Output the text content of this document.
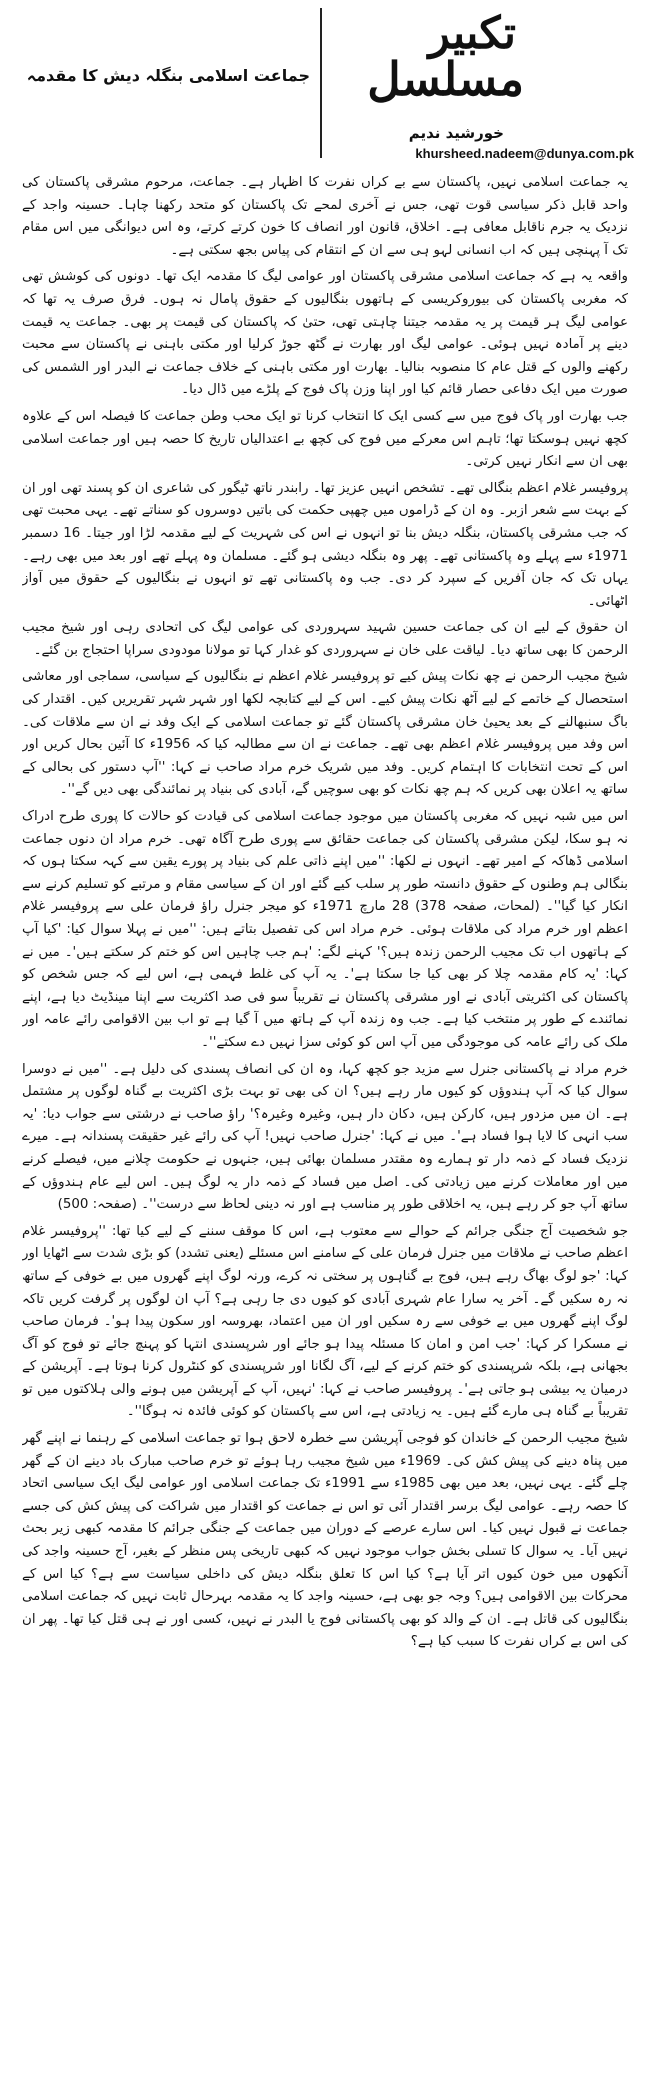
تکبیر
مسلسل
جماعت اسلامی بنگلہ دیش کا مقدمہ
خورشید ندیم
khursheed.nadeem@dunya.com.pk

یہ جماعت اسلامی نہیں، پاکستان سے بے کراں نفرت کا اظہار ہے۔ جماعت، مرحوم مشرقی پاکستان کی واحد قابل ذکر سیاسی قوت تھی، جس نے آخری لمحے تک پاکستان کو متحد رکھنا چاہا۔ حسینہ واجد کے نزدیک یہ جرم ناقابل معافی ہے۔ اخلاق، قانون اور انصاف کا خون کرتے کرتے، وہ اس دیوانگی میں اس مقام تک آ پہنچی ہیں کہ اب انسانی لہو ہی سے ان کے انتقام کی پیاس بجھ سکتی ہے۔

واقعہ یہ ہے کہ جماعت اسلامی مشرقی پاکستان اور عوامی لیگ کا مقدمہ ایک تھا۔ دونوں کی کوشش تھی کہ مغربی پاکستان کی بیوروکریسی کے ہاتھوں بنگالیوں کے حقوق پامال نہ ہوں۔ فرق صرف یہ تھا کہ عوامی لیگ ہر قیمت پر یہ مقدمہ جیتنا چاہتی تھی، حتیٰ کہ پاکستان کی قیمت پر بھی۔ جماعت یہ قیمت دینے پر آمادہ نہیں ہوئی۔ عوامی لیگ اور بھارت نے گٹھ جوڑ کرلیا اور مکتی باہنی نے پاکستان سے محبت رکھنے والوں کے قتل عام کا منصوبہ بنالیا۔ بھارت اور مکتی باہنی کے خلاف جماعت نے البدر اور الشمس کی صورت میں ایک دفاعی حصار قائم کیا اور اپنا وزن پاک فوج کے پلڑے میں ڈال دیا۔

جب بھارت اور پاک فوج میں سے کسی ایک کا انتخاب کرنا تو ایک محب وطن جماعت کا فیصلہ اس کے علاوہ کچھ نہیں ہوسکتا تھا؛ تاہم اس معرکے میں فوج کی کچھ بے اعتدالیاں تاریخ کا حصہ ہیں اور جماعت اسلامی بھی ان سے انکار نہیں کرتی۔

پروفیسر غلام اعظم بنگالی تھے۔ تشخص انہیں عزیز تھا۔ رابندر ناتھ ٹیگور کی شاعری ان کو پسند تھی اور ان کے بہت سے شعر ازبر۔ وہ ان کے ڈراموں میں چھپی حکمت کی باتیں دوسروں کو سناتے تھے۔ یہی محبت تھی کہ جب مشرقی پاکستان، بنگلہ دیش بنا تو انہوں نے اس کی شہریت کے لیے مقدمہ لڑا اور جیتا۔ 16 دسمبر 1971ء سے پہلے وہ پاکستانی تھے۔ پھر وہ بنگلہ دیشی ہو گئے۔ مسلمان وہ پہلے تھے اور بعد میں بھی رہے۔ یہاں تک کہ جان آفریں کے سپرد کر دی۔ جب وہ پاکستانی تھے تو انہوں نے بنگالیوں کے حقوق میں آواز اٹھائی۔

ان حقوق کے لیے ان کی جماعت حسین شہید سہروردی کی عوامی لیگ کی اتحادی رہی اور شیخ مجیب الرحمن کا بھی ساتھ دیا۔ لیاقت علی خان نے سہروردی کو غدار کہا تو مولانا مودودی سراپا احتجاج بن گئے۔

شیخ مجیب الرحمن نے چھ نکات پیش کیے تو پروفیسر غلام اعظم نے بنگالیوں کے سیاسی، سماجی اور معاشی استحصال کے خاتمے کے لیے آٹھ نکات پیش کیے۔ اس کے لیے کتابچہ لکھا اور شہر شہر تقریریں کیں۔ اقتدار کی باگ سنبھالنے کے بعد یحییٰ خان مشرقی پاکستان گئے تو جماعت اسلامی کے ایک وفد نے ان سے ملاقات کی۔ اس وفد میں پروفیسر غلام اعظم بھی تھے۔ جماعت نے ان سے مطالبہ کیا کہ 1956ء کا آئین بحال کریں اور اس کے تحت انتخابات کا اہتمام کریں۔ وفد میں شریک خرم مراد صاحب نے کہا: ''آپ دستور کی بحالی کے ساتھ یہ اعلان بھی کریں کہ ہم چھ نکات کو بھی سوچیں گے، آبادی کی بنیاد پر نمائندگی بھی دیں گے''۔

اس میں شبہ نہیں کہ مغربی پاکستان میں موجود جماعت اسلامی کی قیادت کو حالات کا پوری طرح ادراک نہ ہو سکا، لیکن مشرقی پاکستان کی جماعت حقائق سے پوری طرح آگاہ تھی۔ خرم مراد ان دنوں جماعت اسلامی ڈھاکہ کے امیر تھے۔ انہوں نے لکھا: ''میں اپنے ذاتی علم کی بنیاد پر پورے یقین سے کہہ سکتا ہوں کہ بنگالی ہم وطنوں کے حقوق دانستہ طور پر سلب کیے گئے اور ان کے سیاسی مقام و مرتبے کو تسلیم کرنے سے انکار کیا گیا''۔ (لمحات، صفحہ 378) 28 مارچ 1971ء کو میجر جنرل راؤ فرمان علی سے پروفیسر غلام اعظم اور خرم مراد کی ملاقات ہوئی۔ خرم مراد اس کی تفصیل بتاتے ہیں: ''میں نے پہلا سوال کیا: 'کیا آپ کے ہاتھوں اب تک مجیب الرحمن زندہ ہیں؟' کہنے لگے: 'ہم جب چاہیں اس کو ختم کر سکتے ہیں'۔ میں نے کہا: 'یہ کام مقدمہ چلا کر بھی کیا جا سکتا ہے'۔ یہ آپ کی غلط فہمی ہے، اس لیے کہ جس شخص کو پاکستان کی اکثریتی آبادی نے اور مشرقی پاکستان نے تقریباً سو فی صد اکثریت سے اپنا مینڈیٹ دیا ہے، اپنے نمائندے کے طور پر منتخب کیا ہے۔ جب وہ زندہ آپ کے ہاتھ میں آ گیا ہے تو اب بین الاقوامی رائے عامہ اور ملک کی رائے عامہ کی موجودگی میں آپ اس کو کوئی سزا نہیں دے سکتے''۔

خرم مراد نے پاکستانی جنرل سے مزید جو کچھ کہا، وہ ان کی انصاف پسندی کی دلیل ہے۔ ''میں نے دوسرا سوال کیا کہ آپ ہندوؤں کو کیوں مار رہے ہیں؟ ان کی بھی تو بہت بڑی اکثریت بے گناہ لوگوں پر مشتمل ہے۔ ان میں مزدور ہیں، کارکن ہیں، دکان دار ہیں، وغیرہ وغیرہ؟' راؤ صاحب نے درشتی سے جواب دیا: 'یہ سب انہی کا لایا ہوا فساد ہے'۔ میں نے کہا: 'جنرل صاحب نہیں! آپ کی رائے غیر حقیقت پسندانہ ہے۔ میرے نزدیک فساد کے ذمہ دار تو ہمارے وہ مقتدر مسلمان بھائی ہیں، جنہوں نے حکومت چلانے میں، فیصلے کرنے میں اور معاملات کرنے میں زیادتی کی۔ اصل میں فساد کے ذمہ دار یہ لوگ ہیں۔ اس لیے عام ہندوؤں کے ساتھ آپ جو کر رہے ہیں، یہ اخلاقی طور پر مناسب ہے اور نہ دینی لحاظ سے درست''۔ (صفحہ: 500)

جو شخصیت آج جنگی جرائم کے حوالے سے معتوب ہے، اس کا موقف سننے کے لیے کیا تھا: ''پروفیسر غلام اعظم صاحب نے ملاقات میں جنرل فرمان علی کے سامنے اس مسئلے (یعنی تشدد) کو بڑی شدت سے اٹھایا اور کہا: 'جو لوگ بھاگ رہے ہیں، فوج بے گناہوں پر سختی نہ کرے، ورنہ لوگ اپنے گھروں میں بے خوفی کے ساتھ نہ رہ سکیں گے۔ آخر یہ سارا عام شہری آبادی کو کیوں دی جا رہی ہے؟ آپ ان لوگوں پر گرفت کریں تاکہ لوگ اپنے گھروں میں بے خوفی سے رہ سکیں اور ان میں اعتماد، بھروسہ اور سکون پیدا ہو'۔ فرمان صاحب نے مسکرا کر کہا: 'جب امن و امان کا مسئلہ پیدا ہو جائے اور شرپسندی انتہا کو پہنچ جائے تو فوج کو آگ بجھانی ہے، بلکہ شرپسندی کو ختم کرنے کے لیے، آگ لگانا اور شرپسندی کو کنٹرول کرنا ہوتا ہے۔ آپریشن کے درمیان یہ بیشی ہو جاتی ہے'۔ پروفیسر صاحب نے کہا: 'نہیں، آپ کے آپریشن میں ہونے والی ہلاکتوں میں تو تقریباً بے گناہ ہی مارے گئے ہیں۔ یہ زیادتی ہے، اس سے پاکستان کو کوئی فائدہ نہ ہوگا''۔

شیخ مجیب الرحمن کے خاندان کو فوجی آپریشن سے خطرہ لاحق ہوا تو جماعت اسلامی کے رہنما نے اپنے گھر میں پناہ دینے کی پیش کش کی۔ 1969ء میں شیخ مجیب رہا ہوئے تو خرم صاحب مبارک باد دینے ان کے گھر چلے گئے۔ یہی نہیں، بعد میں بھی 1985ء سے 1991ء تک جماعت اسلامی اور عوامی لیگ ایک سیاسی اتحاد کا حصہ رہے۔ عوامی لیگ برسر اقتدار آئی تو اس نے جماعت کو اقتدار میں شراکت کی پیش کش کی جسے جماعت نے قبول نہیں کیا۔ اس سارے عرصے کے دوران میں جماعت کے جنگی جرائم کا مقدمہ کبھی زیر بحث نہیں آیا۔ یہ سوال کا تسلی بخش جواب موجود نہیں کہ کبھی تاریخی پس منظر کے بغیر، آج حسینہ واجد کی آنکھوں میں خون کیوں اتر آیا ہے؟ کیا اس کا تعلق بنگلہ دیش کی داخلی سیاست سے ہے؟ کیا اس کے محرکات بین الاقوامی ہیں؟ وجہ جو بھی ہے، حسینہ واجد کا یہ مقدمہ بہرحال ثابت نہیں کہ جماعت اسلامی بنگالیوں کی قاتل ہے۔ ان کے والد کو بھی پاکستانی فوج یا البدر نے نہیں، کسی اور نے ہی قتل کیا تھا۔ پھر ان کی اس بے کراں نفرت کا سبب کیا ہے؟
